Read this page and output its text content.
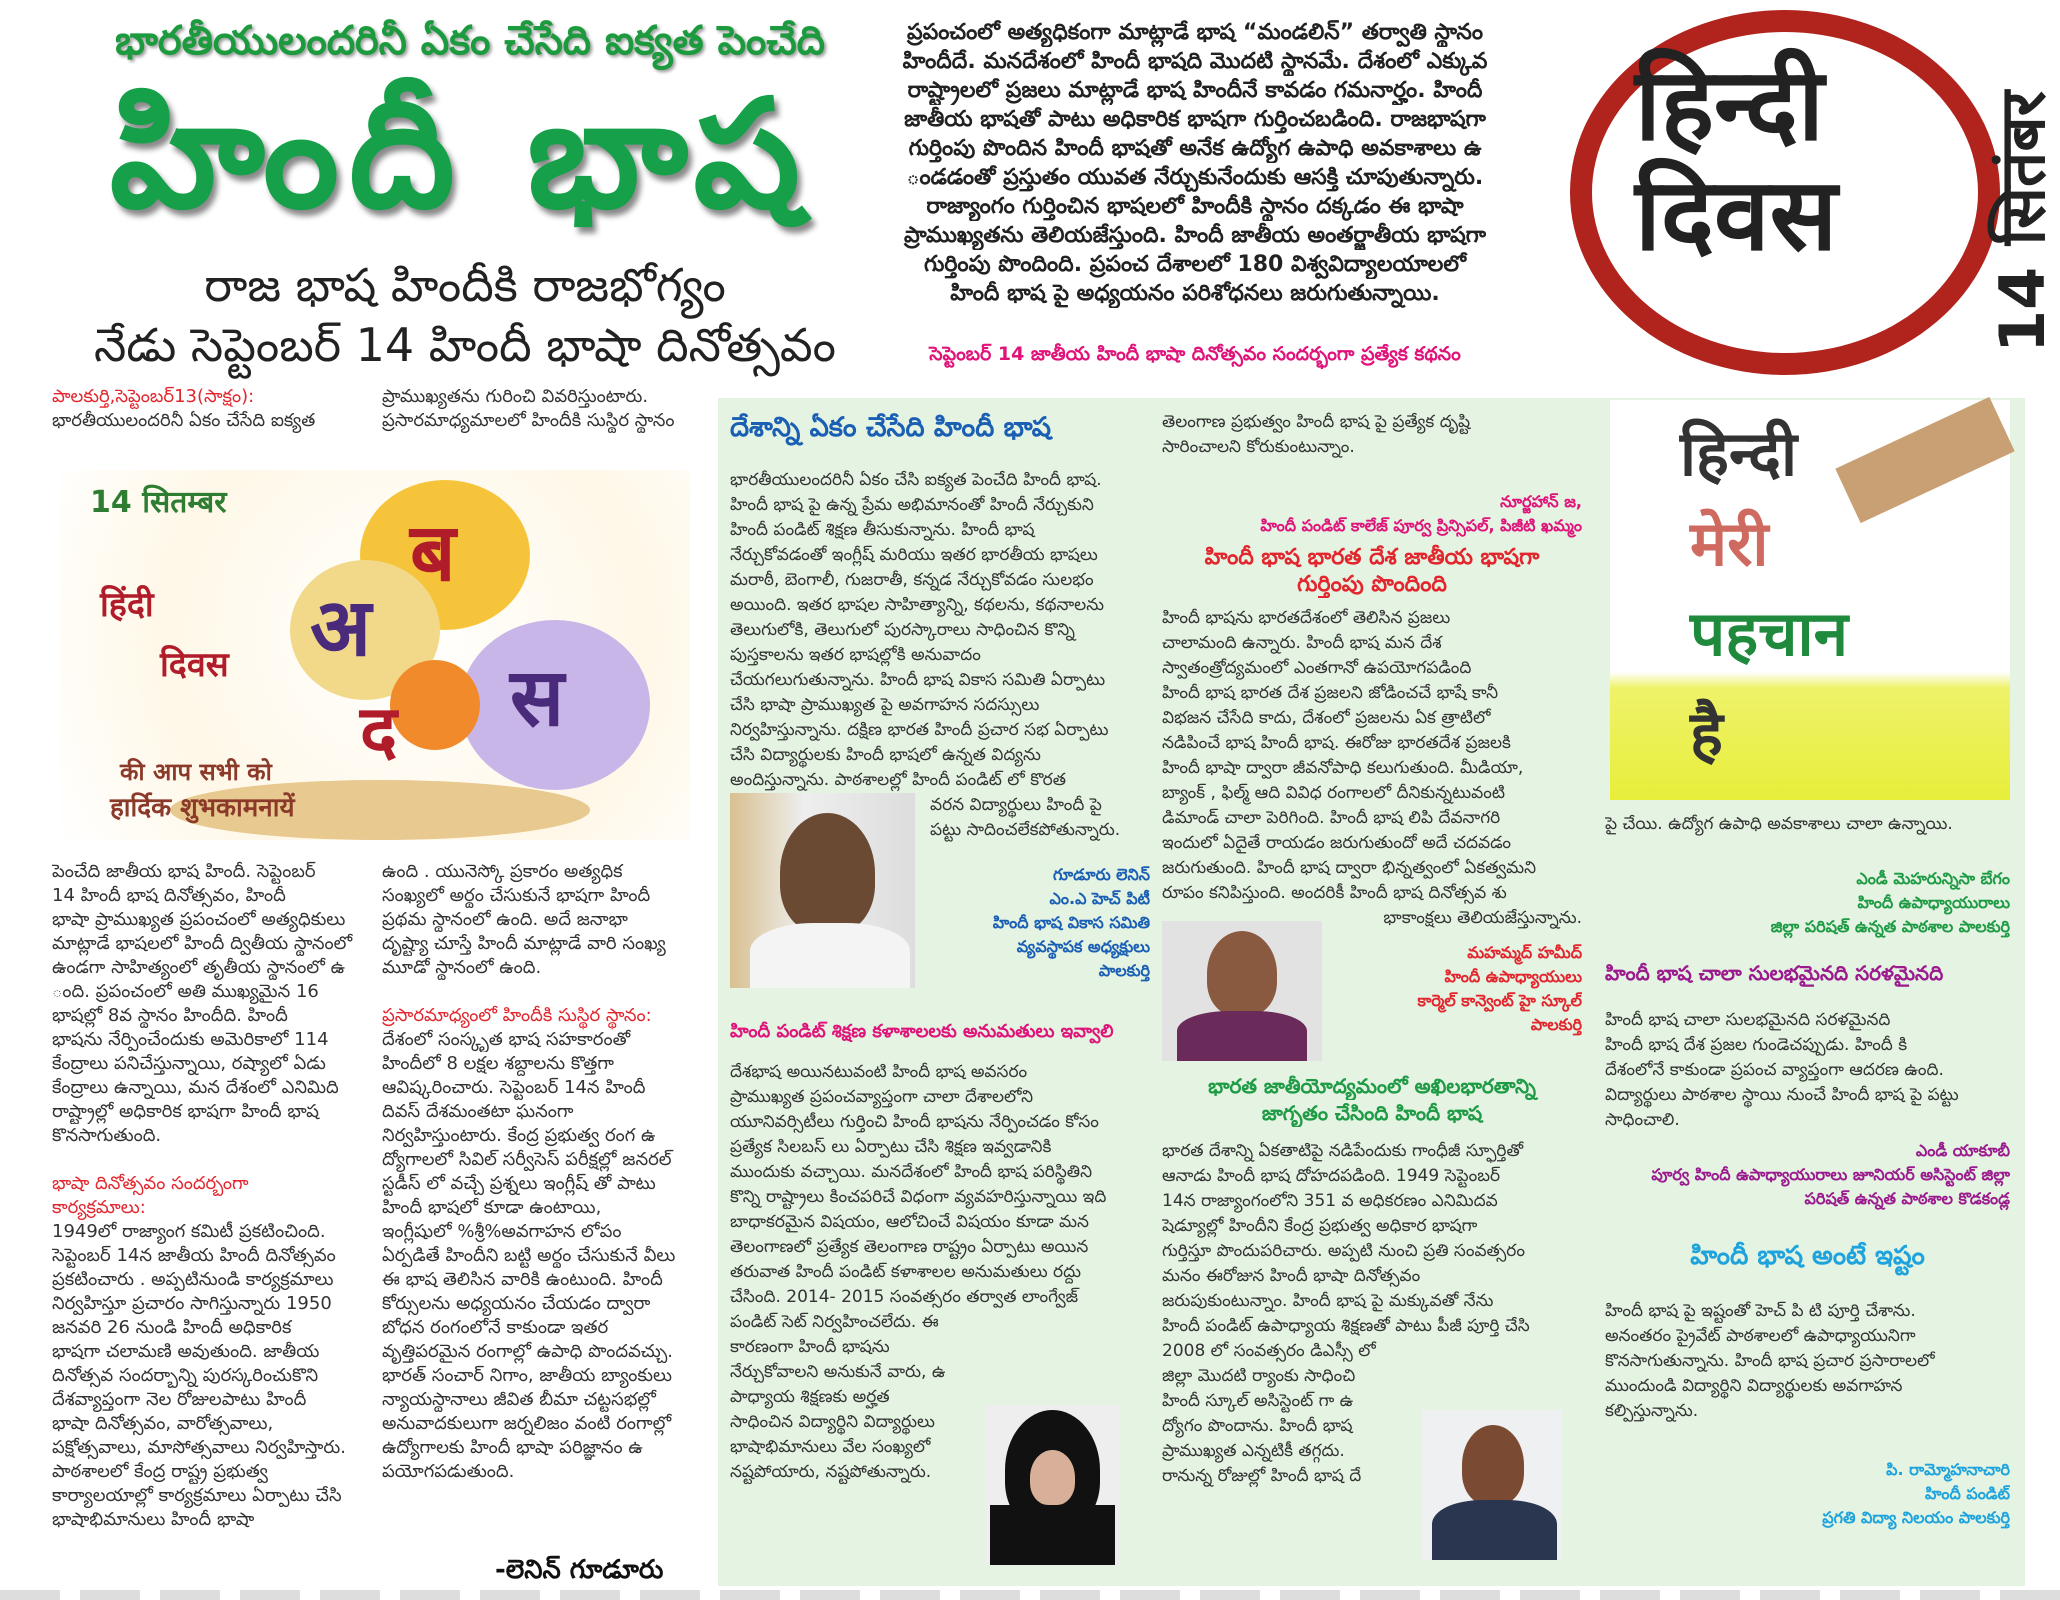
భారతీయులందరినీ ఏకం చేసేది ఐక్యత పెంచేది
హిందీ భాష
రాజ భాష హిందీకి రాజభోగ్యం
నేడు సెప్టెంబర్ 14 హిందీ భాషా దినోత్సవం
ప్రపంచంలో అత్యధికంగా మాట్లాడే భాష “మండలిన్” తర్వాతి స్థానం
హిందీదే. మనదేశంలో హిందీ భాషది మొదటి స్థానమే. దేశంలో ఎక్కువ
రాష్ట్రాలలో ప్రజలు మాట్లాడే భాష హిందీనే కావడం గమనార్హం. హిందీ
జాతీయ భాషతో పాటు అధికారిక భాషగా గుర్తించబడింది. రాజభాషగా
గుర్తింపు పొందిన హిందీ భాషతో అనేక ఉద్యోగ ఉపాధి అవకాశాలు ఉ
ండడంతో ప్రస్తుతం యువత నేర్చుకునేందుకు ఆసక్తి చూపుతున్నారు.
రాజ్యాంగం గుర్తించిన భాషలలో హిందీకి స్థానం దక్కడం ఈ భాషా
ప్రాముఖ్యతను తెలియజేస్తుంది. హిందీ జాతీయ అంతర్జాతీయ భాషగా
గుర్తింపు పొందింది. ప్రపంచ దేశాలలో 180 విశ్వవిద్యాలయాలలో
హిందీ భాష పై అధ్యయనం పరిశోధనలు జరుగుతున్నాయి.
సెప్టెంబర్ 14 జాతీయ హిందీ భాషా దినోత్సవం సందర్భంగా ప్రత్యేక కథనం
हिन्दी
दिवस 14 सितंबर
పాలకుర్తి,సెప్టెంబర్13(సాక్షం):
భారతీయులందరినీ ఏకం చేసేది ఐక్యత
ప్రాముఖ్యతను గురించి వివరిస్తుంటారు.
ప్రసారమాధ్యమాలలో హిందీకి సుస్థిర స్థానం
14 सितम्बर
हिंदी
दिवस
की आप सभी को
हार्दिक शुभकामनायें
अ
ब
द स
పెంచేది జాతీయ భాష హిందీ. సెప్టెంబర్
14 హిందీ భాష దినోత్సవం, హిందీ
భాషా ప్రాముఖ్యత ప్రపంచంలో అత్యధికులు
మాట్లాడే భాషలలో హిందీ ద్వితీయ స్థానంలో
ఉండగా సాహిత్యంలో తృతీయ స్థానంలో ఉ
ంది. ప్రపంచంలో అతి ముఖ్యమైన 16
భాషల్లో 8వ స్థానం హిందీది. హిందీ
భాషను నేర్పించేందుకు అమెరికాలో 114
కేంద్రాలు పనిచేస్తున్నాయి, రష్యాలో ఏడు
కేంద్రాలు ఉన్నాయి, మన దేశంలో ఎనిమిది
రాష్ట్రాల్లో అధికారిక భాషగా హిందీ భాష
కొనసాగుతుంది.
భాషా దినోత్సవం సందర్భంగా
కార్యక్రమాలు:
1949లో రాజ్యాంగ కమిటీ ప్రకటించింది.
సెప్టెంబర్ 14న జాతీయ హిందీ దినోత్సవం
ప్రకటించారు . అప్పటినుండి కార్యక్రమాలు
నిర్వహిస్తూ ప్రచారం సాగిస్తున్నారు 1950
జనవరి 26 నుండి హిందీ అధికారిక
భాషగా చలామణి అవుతుంది. జాతీయ
దినోత్సవ సందర్భాన్ని పురస్కరించుకొని
దేశవ్యాప్తంగా నెల రోజులపాటు హిందీ
భాషా దినోత్సవం, వారోత్సవాలు,
పక్షోత్సవాలు, మాసోత్సవాలు నిర్వహిస్తారు.
పాఠశాలలో కేంద్ర రాష్ట్ర ప్రభుత్వ
కార్యాలయాల్లో కార్యక్రమాలు ఏర్పాటు చేసి
భాషాభిమానులు హిందీ భాషా
ఉంది . యునెస్కో ప్రకారం అత్యధిక
సంఖ్యలో అర్థం చేసుకునే భాషగా హిందీ
ప్రథమ స్థానంలో ఉంది. అదే జనాభా
దృష్ట్యా చూస్తే హిందీ మాట్లాడే వారి సంఖ్య
మూడో స్థానంలో ఉంది.
ప్రసారమాధ్యంలో హిందీకి సుస్థిర స్థానం:
దేశంలో సంస్కృత భాష సహకారంతో
హిందీలో 8 లక్షల శబ్దాలను కొత్తగా
ఆవిష్కరించారు. సెప్టెంబర్ 14న హిందీ
దివస్ దేశమంతటా ఘనంగా
నిర్వహిస్తుంటారు. కేంద్ర ప్రభుత్వ రంగ ఉ
ద్యోగాలలో సివిల్ సర్వీసెస్ పరీక్షల్లో జనరల్
స్టడీస్ లో వచ్చే ప్రశ్నలు ఇంగ్లీష్ తో పాటు
హిందీ భాషలో కూడా ఉంటాయి,
ఇంగ్లీషులో %శ్రీ%అవగాహన లోపం
ఏర్పడితే హిందీని బట్టి అర్థం చేసుకునే వీలు
ఈ భాష తెలిసిన వారికి ఉంటుంది. హిందీ
కోర్సులను అధ్యయనం చేయడం ద్వారా
బోధన రంగంలోనే కాకుండా ఇతర
వృత్తిపరమైన రంగాల్లో ఉపాధి పొందవచ్చు.
భారత్ సంచార్ నిగాం, జాతీయ బ్యాంకులు
న్యాయస్థానాలు జీవిత బీమా చట్టసభల్లో
అనువాదకులుగా జర్నలిజం వంటి రంగాల్లో
ఉద్యోగాలకు హిందీ భాషా పరిజ్ఞానం ఉ
పయోగపడుతుంది.
-లెనిన్ గూడూరు
దేశాన్ని ఏకం చేసేది హిందీ భాష
భారతీయులందరినీ ఏకం చేసి ఐక్యత పెంచేది హిందీ భాష.
హిందీ భాష పై ఉన్న ప్రేమ అభిమానంతో హిందీ నేర్చుకుని
హిందీ పండిట్ శిక్షణ తీసుకున్నాను. హిందీ భాష
నేర్చుకోవడంతో ఇంగ్లీష్ మరియు ఇతర భారతీయ భాషలు
మరాఠీ, బెంగాలీ, గుజరాతీ, కన్నడ నేర్చుకోవడం సులభం
అయింది. ఇతర భాషల సాహిత్యాన్ని, కథలను, కథనాలను
తెలుగులోకి, తెలుగులో పురస్కారాలు సాధించిన కొన్ని
పుస్తకాలను ఇతర భాషల్లోకి అనువాదం
చేయగలుగుతున్నాను. హిందీ భాష వికాస సమితి ఏర్పాటు
చేసి భాషా ప్రాముఖ్యత పై అవగాహన సదస్సులు
నిర్వహిస్తున్నాను. దక్షిణ భారత హిందీ ప్రచార సభ ఏర్పాటు
చేసి విద్యార్థులకు హిందీ భాషలో ఉన్నత విద్యను
అందిస్తున్నాను. పాఠశాలల్లో హిందీ పండిట్ లో కొరత
వరన విద్యార్థులు హిందీ పై
పట్టు సాదించలేకపోతున్నారు.
గూడూరు లెనిన్
ఎం.ఎ హెచ్ పిటీ
హిందీ భాష వికాస సమితి
వ్యవస్థాపక అధ్యక్షులు
పాలకుర్తి
హిందీ పండిట్ శిక్షణ కళాశాలలకు అనుమతులు ఇవ్వాలి
దేశభాష అయినటువంటి హిందీ భాష అవసరం
ప్రాముఖ్యత ప్రపంచవ్యాప్తంగా చాలా దేశాలలోని
యూనివర్సిటీలు గుర్తించి హిందీ భాషను నేర్పించడం కోసం
ప్రత్యేక సిలబస్ లు ఏర్పాటు చేసి శిక్షణ ఇవ్వడానికి
ముందుకు వచ్చాయి. మనదేశంలో హిందీ భాష పరిస్థితిని
కొన్ని రాష్ట్రాలు కించపరిచే విధంగా వ్యవహరిస్తున్నాయి ఇది
బాధాకరమైన విషయం, ఆలోచించే విషయం కూడా మన
తెలంగాణలో ప్రత్యేక తెలంగాణ రాష్ట్రం ఏర్పాటు అయిన
తరువాత హిందీ పండిట్ కళాశాలల అనుమతులు రద్దు
చేసింది. 2014- 2015 సంవత్సరం తర్వాత లాంగ్వేజ్
పండిట్ సెట్ నిర్వహించలేదు. ఈ
కారణంగా హిందీ భాషను
నేర్చుకోవాలని అనుకునే వారు, ఉ
పాధ్యాయ శిక్షణకు అర్హత
సాధించిన విద్యార్థిని విద్యార్థులు
భాషాభిమానులు వేల సంఖ్యలో
నష్టపోయారు, నష్టపోతున్నారు.
తెలంగాణ ప్రభుత్వం హిందీ భాష పై ప్రత్యేక దృష్టి
సారించాలని కోరుకుంటున్నాం.
నూర్జహాన్ జ,
హిందీ పండిట్ కాలేజ్ పూర్వ ప్రిన్సిపల్, పిజీటి ఖమ్మం
హిందీ భాష భారత దేశ జాతీయ భాషగా
గుర్తింపు పొందింది
హిందీ భాషను భారతదేశంలో తెలిసిన ప్రజలు
చాలామంది ఉన్నారు. హిందీ భాష మన దేశ
స్వాతంత్రోద్యమంలో ఎంతగానో ఉపయోగపడింది
హిందీ భాష భారత దేశ ప్రజలని జోడించచే భాషే కానీ
విభజన చేసేది కాదు, దేశంలో ప్రజలను ఏక త్రాటిలో
నడిపించే భాష హిందీ భాష. ఈరోజు భారతదేశ ప్రజలకి
హిందీ భాషా ద్వారా జీవనోపాధి కలుగుతుంది. మీడియా,
బ్యాంక్ , ఫిల్మ్ ఆది వివిధ రంగాలలో దీనికున్నటువంటి
డిమాండ్ చాలా పెరిగింది. హిందీ భాష లిపి దేవనాగరి
ఇందులో ఏదైతే రాయడం జరుగుతుందో అదే చదవడం
జరుగుతుంది. హిందీ భాష ద్వారా భిన్నత్వంలో ఏకత్వమని
రూపం కనిపిస్తుంది. అందరికీ హిందీ భాష దినోత్సవ శు
భాకాంక్షలు తెలియజేస్తున్నాను.
మహమ్మద్ హమీద్
హిందీ ఉపాధ్యాయులు
కార్మెల్ కాన్వెంట్ హై స్కూల్
పాలకుర్తి
భారత జాతీయోద్యమంలో అఖిలభారతాన్ని
జాగృతం చేసింది హిందీ భాష
భారత దేశాన్ని ఏకతాటిపై నడిపేందుకు గాంధీజీ స్ఫూర్తితో
ఆనాడు హిందీ భాష దోహదపడింది. 1949 సెప్టెంబర్
14న రాజ్యాంగంలోని 351 వ అధికరణం ఎనిమిదవ
షెడ్యూల్లో హిందీని కేంద్ర ప్రభుత్వ అధికార భాషగా
గుర్తిస్తూ పొందుపరిచారు. అప్పటి నుంచి ప్రతి సంవత్సరం
మనం ఈరోజున హిందీ భాషా దినోత్సవం
జరుపుకుంటున్నాం. హిందీ భాష పై మక్కువతో నేను
హిందీ పండిట్ ఉపాధ్యాయ శిక్షణతో పాటు పీజీ పూర్తి చేసి
2008 లో సంవత్సరం డిఎస్సీ లో
జిల్లా మొదటి ర్యాంకు సాధించి
హిందీ స్కూల్ అసిస్టెంట్ గా ఉ
ద్యోగం పొందాను. హిందీ భాష
ప్రాముఖ్యత ఎన్నటికీ తగ్గదు.
రానున్న రోజుల్లో హిందీ భాష దే
हिन्दी
मेरी
पहचान
है
పై చేయి. ఉద్యోగ ఉపాధి అవకాశాలు చాలా ఉన్నాయి.
ఎండీ మెహరున్నిసా బేగం
హిందీ ఉపాధ్యాయురాలు
జిల్లా పరిషత్ ఉన్నత పాఠశాల పాలకుర్తి
హిందీ భాష చాలా సులభమైనది సరళమైనది
హిందీ భాష చాలా సులభమైనది సరళమైనది
హిందీ భాష దేశ ప్రజల గుండెచప్పుడు. హిందీ కి
దేశంలోనే కాకుండా ప్రపంచ వ్యాప్తంగా ఆదరణ ఉంది.
విద్యార్థులు పాఠశాల స్థాయి నుంచే హిందీ భాష పై పట్టు
సాధించాలి.
ఎండీ యాకూబీ
పూర్వ హిందీ ఉపాధ్యాయురాలు జూనియర్ అసిస్టెంట్ జిల్లా
పరిషత్ ఉన్నత పాఠశాల కొడకండ్ల
హిందీ భాష అంటే ఇష్టం
హిందీ భాష పై ఇష్టంతో హెచ్ పి టి పూర్తి చేశాను.
అనంతరం ప్రైవేట్ పాఠశాలలో ఉపాధ్యాయునిగా
కొనసాగుతున్నాను. హిందీ భాష ప్రచార ప్రసారాలలో
ముందుండి విద్యార్థిని విద్యార్థులకు అవగాహన
కల్పిస్తున్నాను.
పి. రామ్మోహనాచారి
హిందీ పండిట్
ప్రగతి విద్యా నిలయం పాలకుర్తి
